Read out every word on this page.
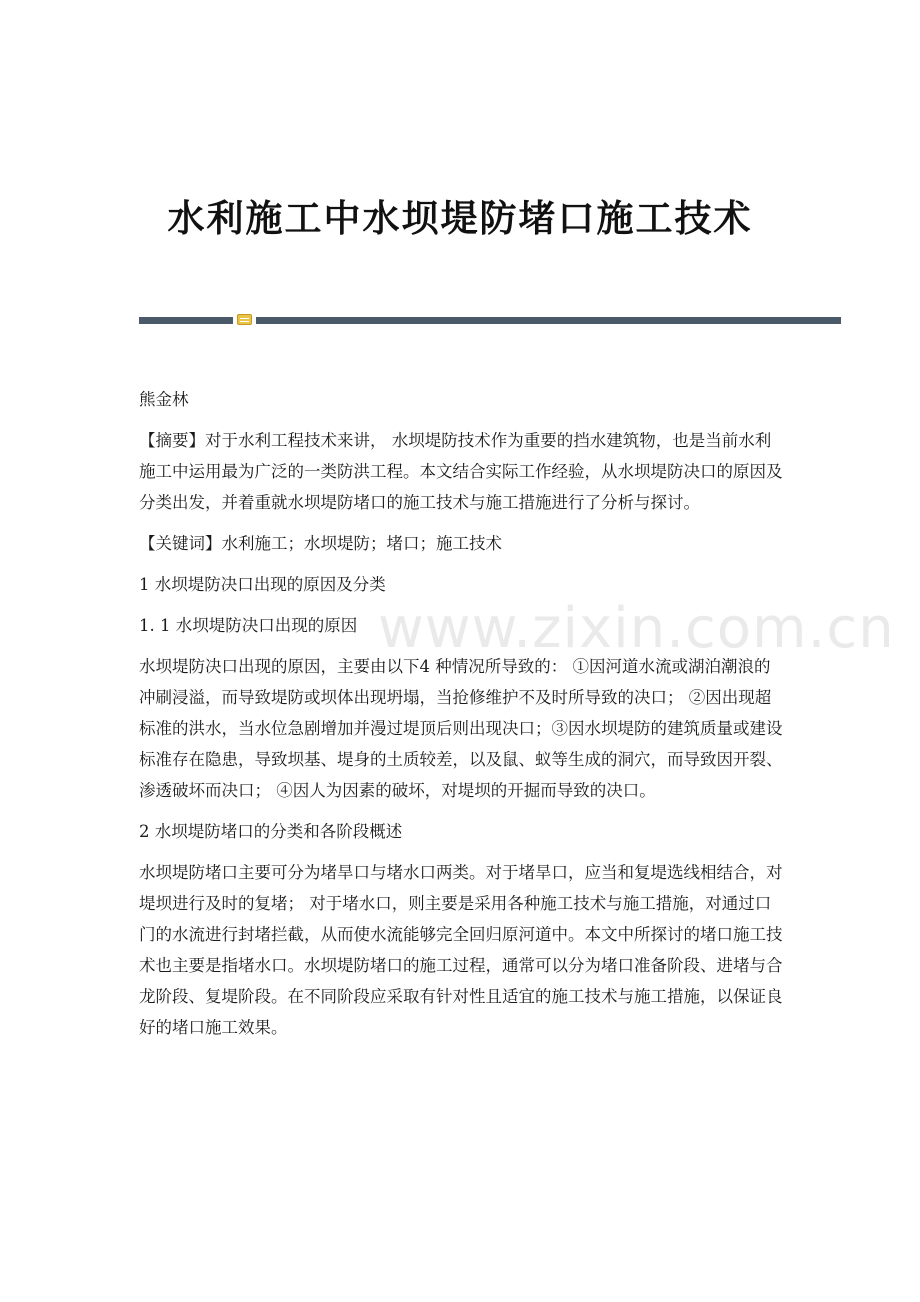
水利施工中水坝堤防堵口施工技术
www.zixin.com.cn

熊金林

【摘要】对于水利工程技术来讲， 水坝堤防技术作为重要的挡水建筑物，也是当前水利施工中运用最为广泛的一类防洪工程。本文结合实际工作经验，从水坝堤防决口的原因及分类出发，并着重就水坝堤防堵口的施工技术与施工措施进行了分析与探讨。

【关键词】水利施工；水坝堤防；堵口；施工技术

1 水坝堤防决口出现的原因及分类

1. 1 水坝堤防决口出现的原因

水坝堤防决口出现的原因，主要由以下4 种情况所导致的： ①因河道水流或湖泊潮浪的冲刷浸溢，而导致堤防或坝体出现坍塌，当抢修维护不及时所导致的决口； ②因出现超标准的洪水，当水位急剧增加并漫过堤顶后则出现决口；③因水坝堤防的建筑质量或建设标准存在隐患，导致坝基、堤身的土质较差，以及鼠、蚁等生成的洞穴，而导致因开裂、渗透破坏而决口； ④因人为因素的破坏，对堤坝的开掘而导致的决口。

2 水坝堤防堵口的分类和各阶段概述

水坝堤防堵口主要可分为堵旱口与堵水口两类。对于堵旱口，应当和复堤选线相结合，对堤坝进行及时的复堵； 对于堵水口，则主要是采用各种施工技术与施工措施，对通过口门的水流进行封堵拦截，从而使水流能够完全回归原河道中。本文中所探讨的堵口施工技术也主要是指堵水口。水坝堤防堵口的施工过程，通常可以分为堵口准备阶段、进堵与合龙阶段、复堤阶段。在不同阶段应采取有针对性且适宜的施工技术与施工措施，以保证良好的堵口施工效果。
